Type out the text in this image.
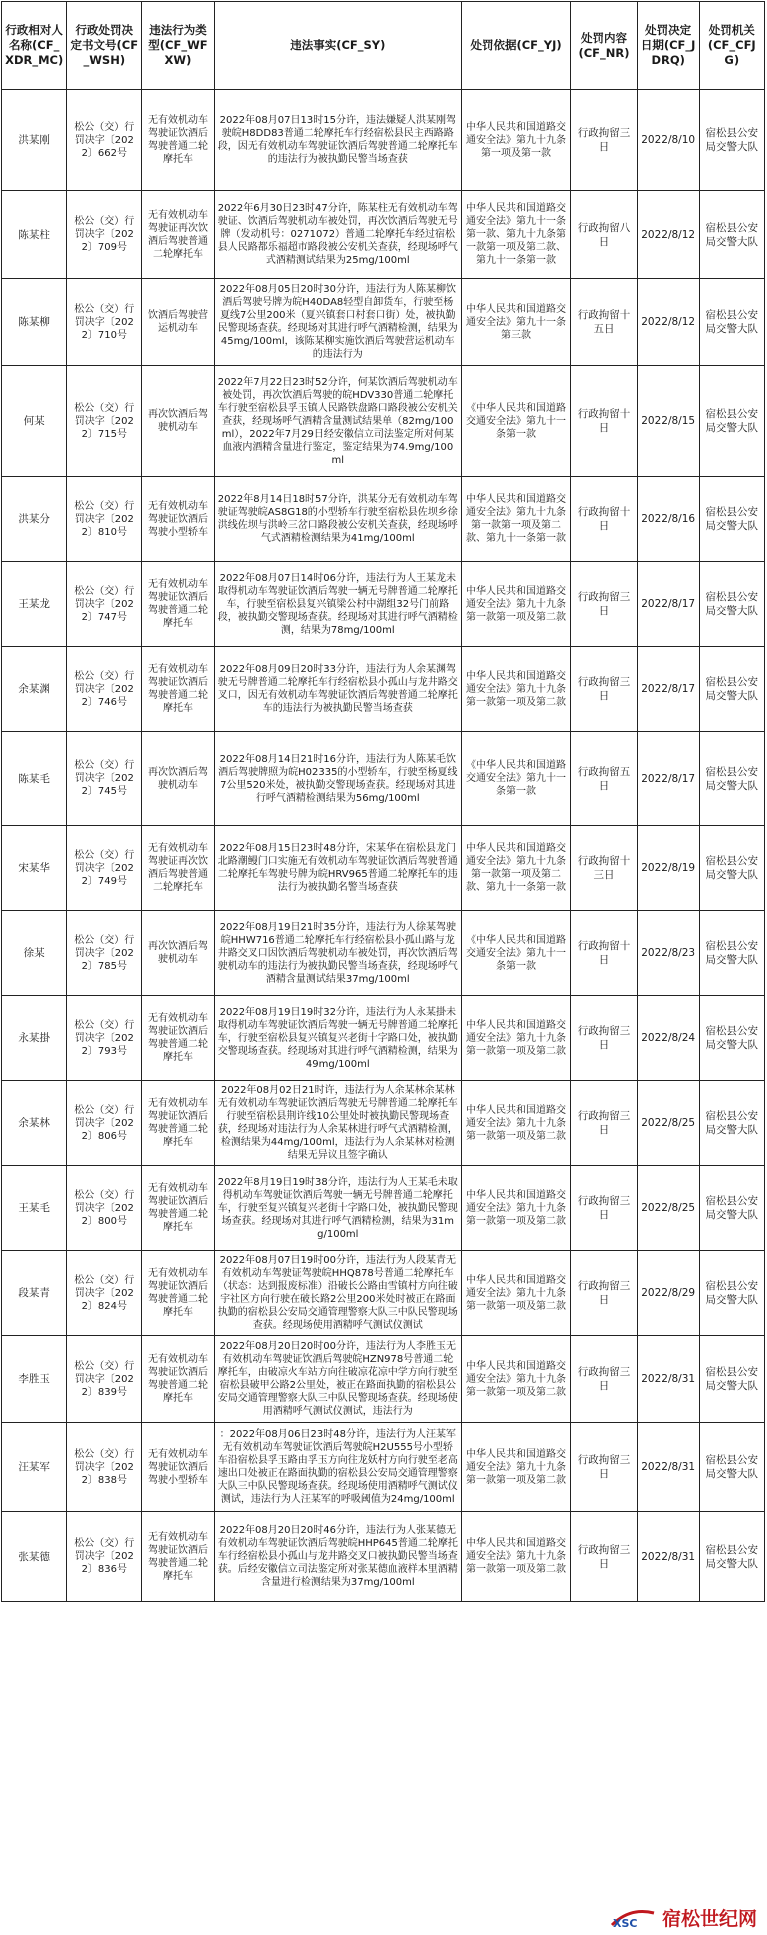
行政相对人名称(CF_XDR_MC)	行政处罚决定书文号(CF_WSH)	违法行为类型(CF_WFXW)	违法事实(CF_SY)	处罚依据(CF_YJ)	处罚内容(CF_NR)	处罚决定日期(CF_JDRQ)	处罚机关(CF_CFJG)
洪某刚	松公（交）行罚决字〔2022〕662号	无有效机动车驾驶证饮酒后驾驶普通二轮摩托车	2022年08月07日13时15分许，违法嫌疑人洪某刚驾驶皖H8DD83普通二轮摩托车行经宿松县民主西路路段，因无有效机动车驾驶证饮酒后驾驶普通二轮摩托车的违法行为被执勤民警当场查获	中华人民共和国道路交通安全法》第九十九条第一项及第一款	行政拘留三日	2022/8/10	宿松县公安局交警大队
陈某柱	松公（交）行罚决字〔2022〕709号	无有效机动车驾驶证再次饮酒后驾驶普通二轮摩托车	2022年6月30日23时47分许，陈某柱无有效机动车驾驶证、饮酒后驾驶机动车被处罚，再次饮酒后驾驶无号牌（发动机号：0271072）普通二轮摩托车经过宿松县人民路都乐福超市路段被公安机关查获，经现场呼气式酒精测试结果为25mg/100ml	中华人民共和国道路交通安全法》第九十一条第一款、第九十九条第一款第一项及第二款、第九十一条第一款	行政拘留八日	2022/8/12	宿松县公安局交警大队
陈某柳	松公（交）行罚决字〔2022〕710号	饮酒后驾驶营运机动车	2022年08月05日20时30分许，违法行为人陈某柳饮酒后驾驶号牌为皖H40DA8轻型自卸货车，行驶至杨夏线7公里200米（夏兴镇套口村套口街）处，被执勤民警现场查获。经现场对其进行呼气酒精检测，结果为45mg/100ml，该陈某柳实施饮酒后驾驶营运机动车的违法行为	中华人民共和国道路交通安全法》第九十一条第三款	行政拘留十五日	2022/8/12	宿松县公安局交警大队
何某	松公（交）行罚决字〔2022〕715号	再次饮酒后驾驶机动车	2022年7月22日23时52分许，何某饮酒后驾驶机动车被处罚，再次饮酒后驾驶的皖HDV330普通二轮摩托车行驶至宿松县孚玉镇人民路铁盘路口路段被公安机关查获，经现场呼气酒精含量测试结果单（82mg/100ml），2022年7月29日经安徽信立司法鉴定所对何某血液内酒精含量进行鉴定，鉴定结果为74.9mg/100ml	《中华人民共和国道路交通安全法》第九十一条第一款	行政拘留十日	2022/8/15	宿松县公安局交警大队
洪某分	松公（交）行罚决字〔2022〕810号	无有效机动车驾驶证饮酒后驾驶小型轿车	2022年8月14日18时57分许，洪某分无有效机动车驾驶证驾驶皖AS8G18的小型轿车行驶至宿松县佐坝乡徐洪线佐坝与洪岭三岔口路段被公安机关查获，经现场呼气式酒精检测结果为41mg/100ml	中华人民共和国道路交通安全法》第九十九条第一款第一项及第二款、第九十一条第一款	行政拘留十日	2022/8/16	宿松县公安局交警大队
王某龙	松公（交）行罚决字〔2022〕747号	无有效机动车驾驶证饮酒后驾驶普通二轮摩托车	2022年08月07日14时06分许，违法行为人王某龙未取得机动车驾驶证饮酒后驾驶一辆无号牌普通二轮摩托车，行驶至宿松县复兴镇梁公村中湖组32号门前路段，被执勤交警现场查获。经现场对其进行呼气酒精检测，结果为78mg/100ml	中华人民共和国道路交通安全法》第九十九条第一款第一项及第二款	行政拘留三日	2022/8/17	宿松县公安局交警大队
余某渊	松公（交）行罚决字〔2022〕746号	无有效机动车驾驶证饮酒后驾驶普通二轮摩托车	2022年08月09日20时33分许，违法行为人余某渊驾驶无号牌普通二轮摩托车行经宿松县小孤山与龙井路交叉口，因无有效机动车驾驶证饮酒后驾驶普通二轮摩托车的违法行为被执勤民警当场查获	中华人民共和国道路交通安全法》第九十九条第一款第一项及第二款	行政拘留三日	2022/8/17	宿松县公安局交警大队
陈某毛	松公（交）行罚决字〔2022〕745号	再次饮酒后驾驶机动车	2022年08月14日21时16分许，违法行为人陈某毛饮酒后驾驶牌照为皖H02335的小型轿车，行驶至杨夏线7公里520米处，被执勤交警现场查获。经现场对其进行呼气酒精检测结果为56mg/100ml	《中华人民共和国道路交通安全法》第九十一条第一款	行政拘留五日	2022/8/17	宿松县公安局交警大队
宋某华	松公（交）行罚决字〔2022〕749号	无有效机动车驾驶证再次饮酒后驾驶普通二轮摩托车	2022年08月15日23时48分许，宋某华在宿松县龙门北路潮鳗门口实施无有效机动车驾驶证饮酒后驾驶普通二轮摩托车驾驶号牌为皖HRV965普通二轮摩托车的违法行为被执勤名警当场查获	中华人民共和国道路交通安全法》第九十九条第一款第一项及第二款、第九十一条第一款	行政拘留十三日	2022/8/19	宿松县公安局交警大队
徐某	松公（交）行罚决字〔2022〕785号	再次饮酒后驾驶机动车	2022年08月19日21时35分许，违法行为人徐某驾驶皖HHW716普通二轮摩托车行经宿松县小孤山路与龙井路交叉口因饮酒后驾驶机动车被处罚，再次饮酒后驾驶机动车的违法行为被执勤民警当场查获，经现场呼气酒精含量测试结果37mg/100ml	《中华人民共和国道路交通安全法》第九十一条第一款	行政拘留十日	2022/8/23	宿松县公安局交警大队
永某掛	松公（交）行罚决字〔2022〕793号	无有效机动车驾驶证饮酒后驾驶普通二轮摩托车	2022年08月19日19时32分许，违法行为人永某掛未取得机动车驾驶证饮酒后驾驶一辆无号牌普通二轮摩托车，行驶至宿松县复兴镇复兴老街十字路口处，被执勤交警现场查获。经现场对其进行呼气酒精检测，结果为49mg/100ml	中华人民共和国道路交通安全法》第九十九条第一款第一项及第二款	行政拘留三日	2022/8/24	宿松县公安局交警大队
余某林	松公（交）行罚决字〔2022〕806号	无有效机动车驾驶证饮酒后驾驶普通二轮摩托车	2022年08月02日21时许，违法行为人余某林余某林无有效机动车驾驶证饮酒后驾驶无号牌普通二轮摩托车行驶至宿松县荆许线10公里处时被执勤民警现场查获，经现场对违法行为人余某林进行呼气式酒精检测，检测结果为44mg/100ml，违法行为人余某林对检测结果无异议且签字确认	中华人民共和国道路交通安全法》第九十九条第一款第一项及第二款	行政拘留三日	2022/8/25	宿松县公安局交警大队
王某毛	松公（交）行罚决字〔2022〕800号	无有效机动车驾驶证饮酒后驾驶普通二轮摩托车	2022年8月19日19时38分许，违法行为人王某毛未取得机动车驾驶证饮酒后驾驶一辆无号牌普通二轮摩托车，行驶至复兴镇复兴老街十字路口处，被执勤民警现场查获。经现场对其进行呼气酒精检测，结果为31mg/100ml	中华人民共和国道路交通安全法》第九十九条第一款第一项及第二款	行政拘留三日	2022/8/25	宿松县公安局交警大队
段某青	松公（交）行罚决字〔2022〕824号	无有效机动车驾驶证饮酒后驾驶普通二轮摩托车	2022年08月07日19时00分许，违法行为人段某青无有效机动车驾驶证驾驶皖HHQ878号普通二轮摩托车（状态：达到报废标准）沿破长公路由雪镇村方向往破宇社区方向行驶在破长路2公里200米处时被正在路面执勤的宿松县公安局交通管理警察大队三中队民警现场查获。经现场使用酒精呼气测试仪测试	中华人民共和国道路交通安全法》第九十九条第一款第一项及第二款	行政拘留三日	2022/8/29	宿松县公安局交警大队
李胜玉	松公（交）行罚决字〔2022〕839号	无有效机动车驾驶证饮酒后驾驶普通二轮摩托车	2022年08月20日20时00分许，违法行为人李胜玉无有效机动车驾驶证饮酒后驾驶皖HZN978号普通二轮摩托车，由破凉火车站方向往破凉花凉中学方向行驶至宿松县破甲公路2公里处，被正在路面执勤的宿松县公安局交通管理警察大队三中队民警现场查获。经现场使用酒精呼气测试仪测试，违法行为	中华人民共和国道路交通安全法》第九十九条第一款第一项及第二款	行政拘留三日	2022/8/31	宿松县公安局交警大队
汪某军	松公（交）行罚决字〔2022〕838号	无有效机动车驾驶证饮酒后驾驶小型轿车	：2022年08月06日23时48分许，违法行为人汪某军无有效机动车驾驶证饮酒后驾驶皖H2U555号小型轿车沿宿松县孚玉路由孚玉方向往龙妖村方向行驶至老高速出口处被正在路面执勤的宿松县公安局交通管理警察大队三中队民警现场查获。经现场使用酒精呼气测试仪测试，违法行为人汪某军的呼吸阈值为24mg/100ml	中华人民共和国道路交通安全法》第九十九条第一款第一项及第二款	行政拘留三日	2022/8/31	宿松县公安局交警大队
张某德	松公（交）行罚决字〔2022〕836号	无有效机动车驾驶证饮酒后驾驶普通二轮摩托车	2022年08月20日20时46分许，违法行为人张某德无有效机动车驾驶证饮酒后驾驶皖HHP645普通二轮摩托车行经宿松县小孤山与龙井路交叉口被执勤民警当场查获。后经安徽信立司法鉴定所对张某德血液样本里酒精含量进行检测结果为37mg/100ml	中华人民共和国道路交通安全法》第九十九条第一款第一项及第二款	行政拘留三日	2022/8/31	宿松县公安局交警大队
XSC 宿松世纪网
